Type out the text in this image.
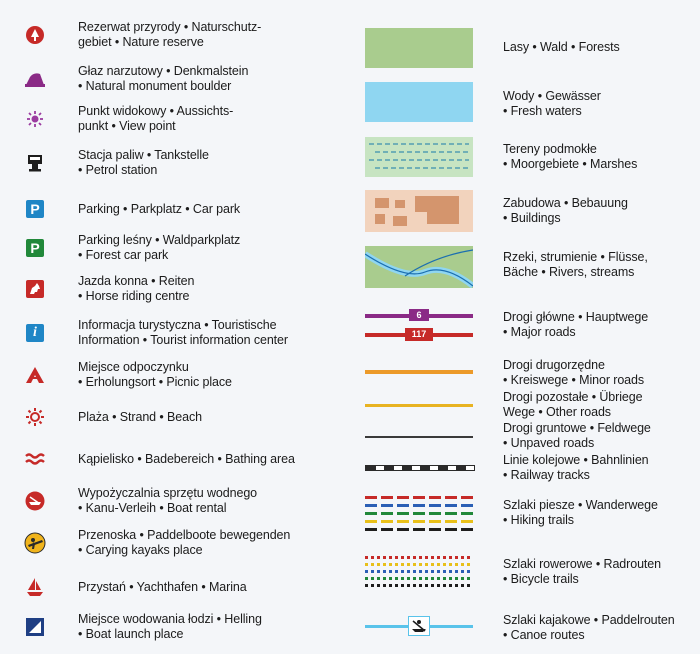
Rezerwat przyrody • Naturschutz-
gebiet • Nature reserve
Głaz narzutowy • Denkmalstein
• Natural monument boulder
Punkt widokowy • Aussichts-
punkt • View point
Stacja paliw • Tankstelle
• Petrol station
P	Parking • Parkplatz • Car park
P	Parking leśny • Waldparkplatz
• Forest car park
Jazda konna • Reiten
• Horse riding centre
i	Informacja turystyczna • Touristische
Information • Tourist information center
Miejsce odpoczynku
• Erholungsort • Picnic place
Plaża • Strand • Beach
Kąpielisko • Badebereich • Bathing area
Wypożyczalnia sprzętu wodnego
• Kanu-Verleih • Boat rental
Przenoska • Paddelboote bewegenden
• Carying kayaks place
Przystań • Yachthafen • Marina
Miejsce wodowania łodzi • Helling
• Boat launch place
6
117
Lasy • Wald • Forests
Wody • Gewässer
• Fresh waters
Tereny podmokłe
• Moorgebiete • Marshes
Zabudowa • Bebauung
• Buildings
Rzeki, strumienie • Flüsse,
Bäche • Rivers, streams
Drogi główne • Hauptwege
• Major roads
Drogi drugorzędne
• Kreiswege • Minor roads
Drogi pozostałe • Übriege
Wege • Other roads
Drogi gruntowe • Feldwege
• Unpaved roads
Linie kolejowe • Bahnlinien
• Railway tracks
Szlaki piesze • Wanderwege
• Hiking trails
Szlaki rowerowe • Radrouten
• Bicycle trails
Szlaki kajakowe • Paddelrouten
• Canoe routes
